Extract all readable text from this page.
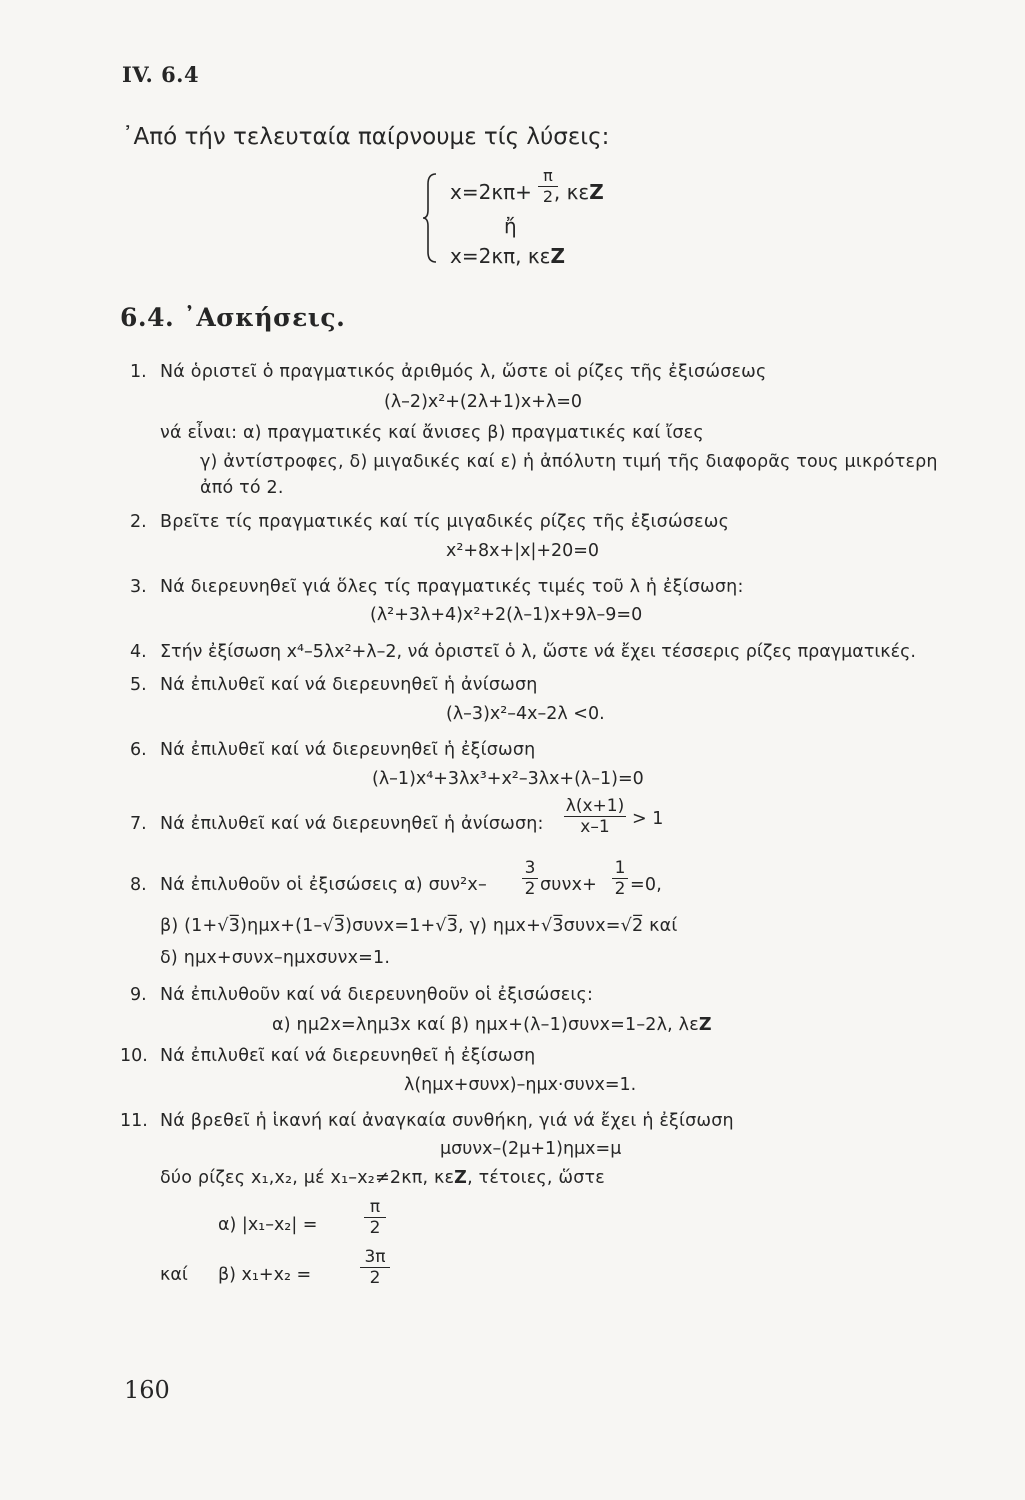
IV. 6.4
᾿Από τήν τελευταία παίρνουμε τίς λύσεις:
x=2κπ+ , κεZ
π
2
ἤ
x=2κπ, κεZ
6.4. ᾿Ασκήσεις.
1. Νά ὁριστεῖ ὁ πραγματικός ἀριθμός λ, ὥστε οἱ ρίζες τῆς ἐξισώσεως
(λ–2)x²+(2λ+1)x+λ=0
νά εἶναι: α) πραγματικές καί ἄνισες β) πραγματικές καί ἴσες
γ) ἀντίστροφες, δ) μιγαδικές καί ε) ἡ ἀπόλυτη τιμή τῆς διαφορᾶς τους μικρότερη
ἀπό τό 2.
2. Βρεῖτε τίς πραγματικές καί τίς μιγαδικές ρίζες τῆς ἐξισώσεως
x²+8x+|x|+20=0
3. Νά διερευνηθεῖ γιά ὅλες τίς πραγματικές τιμές τοῦ λ ἡ ἐξίσωση:
(λ²+3λ+4)x²+2(λ–1)x+9λ–9=0
4. Στήν ἐξίσωση x⁴–5λx²+λ–2, νά ὁριστεῖ ὁ λ, ὥστε νά ἔχει τέσσερις ρίζες πραγματικές.
5. Νά ἐπιλυθεῖ καί νά διερευνηθεῖ ἡ ἀνίσωση
(λ–3)x²–4x–2λ <0.
6. Νά ἐπιλυθεῖ καί νά διερευνηθεῖ ἡ ἐξίσωση
(λ–1)x⁴+3λx³+x²–3λx+(λ–1)=0
7. Νά ἐπιλυθεῖ καί νά διερευνηθεῖ ἡ ἀνίσωση:
λ(x+1)
x–1	> 1
8. Νά ἐπιλυθοῦν οἱ ἐξισώσεις α) συν²x–
3
2 συνx+
1
2 =0,
β) (1+√3̅)ημx+(1–√3̅)συνx=1+√3̅, γ) ημx+√3̅συνx=√2̅ καί
δ) ημx+συνx–ημxσυνx=1.
9. Νά ἐπιλυθοῦν καί νά διερευνηθοῦν οἱ ἐξισώσεις:
α) ημ2x=ληµ3x καί β) ημx+(λ–1)συνx=1–2λ, λεZ
10. Νά ἐπιλυθεῖ καί νά διερευνηθεῖ ἡ ἐξίσωση
λ(ημx+συνx)–ημx·συνx=1.
11. Νά βρεθεῖ ἡ ἱκανή καί ἀναγκαία συνθήκη, γιά νά ἔχει ἡ ἐξίσωση
μσυνx–(2μ+1)ημx=μ
δύο ρίζες x₁,x₂, μέ x₁–x₂≠2κπ, κεZ, τέτοιες, ὥστε
α) |x₁–x₂| =
π
2
καί β) x₁+x₂ =
3π
2
160
